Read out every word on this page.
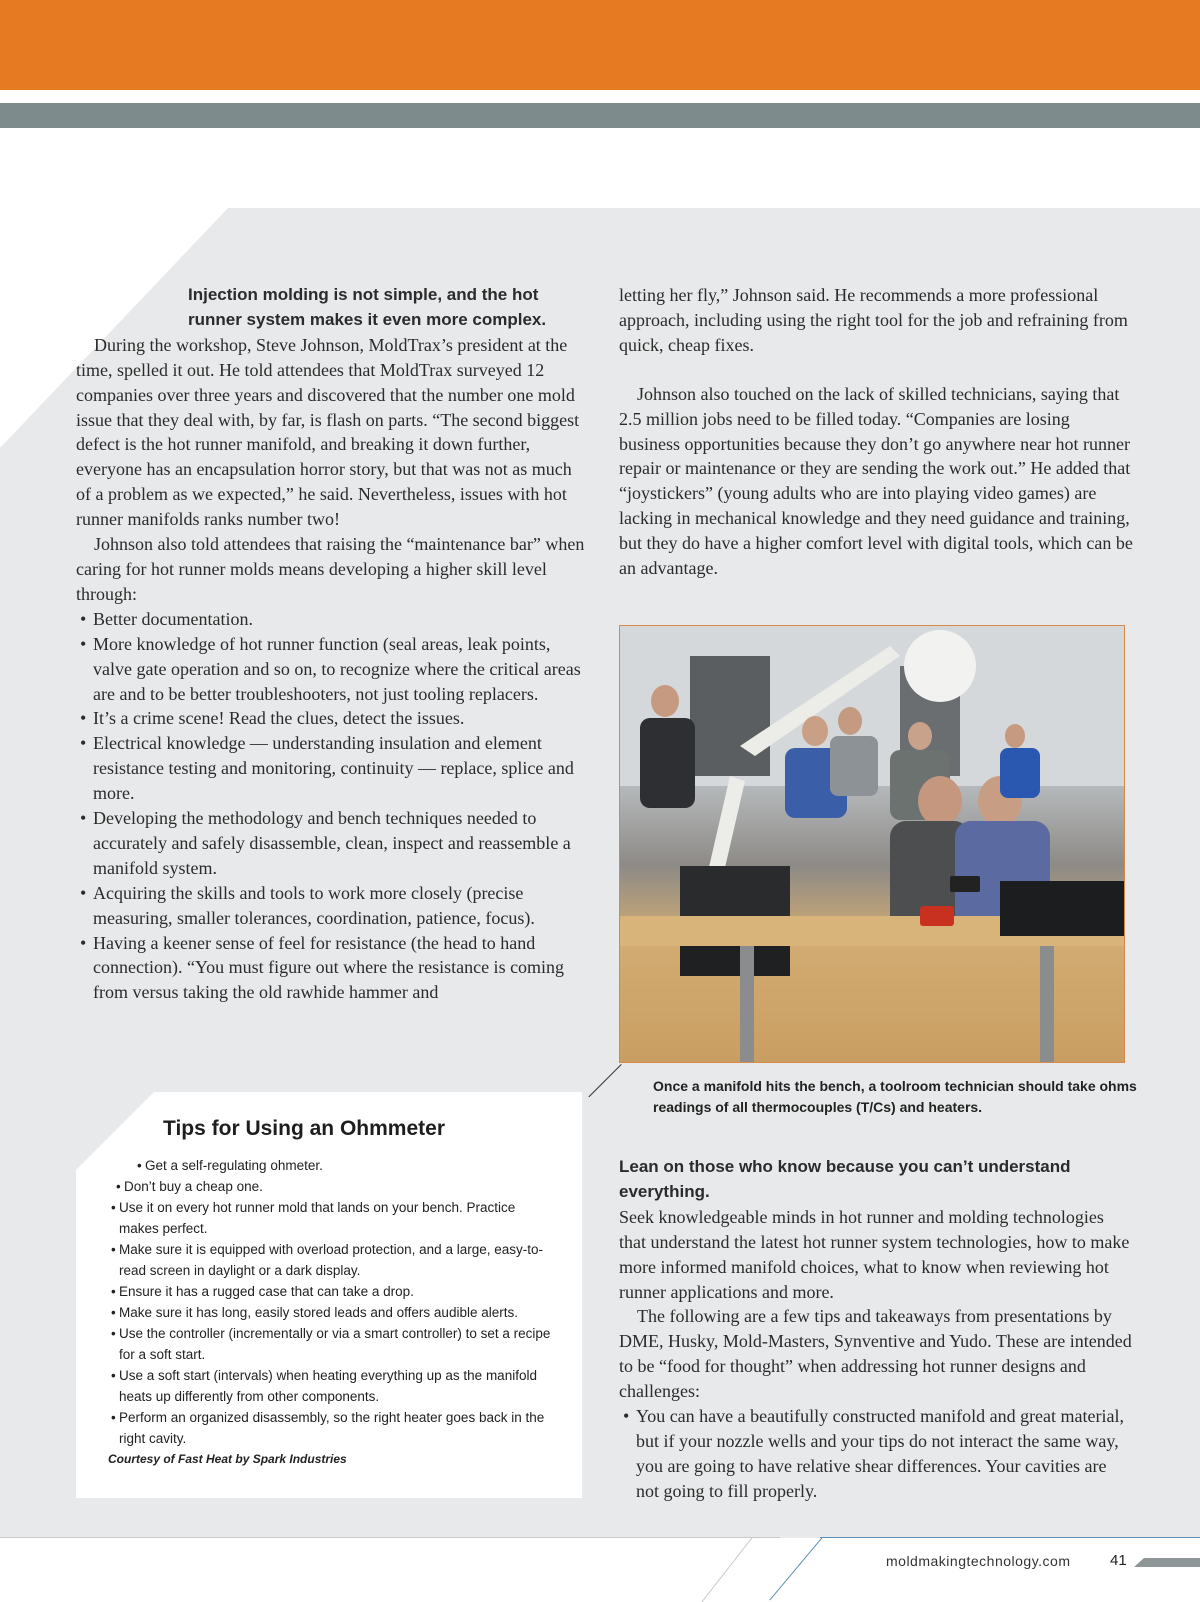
Injection molding is not simple, and the hot runner system makes it even more complex.

During the workshop, Steve Johnson, MoldTrax’s president at the time, spelled it out. He told attendees that MoldTrax surveyed 12 companies over three years and discovered that the number one mold issue that they deal with, by far, is flash on parts. “The second biggest defect is the hot runner manifold, and breaking it down further, everyone has an encapsulation horror story, but that was not as much of a problem as we expected,” he said. Nevertheless, issues with hot runner manifolds ranks number two!

Johnson also told attendees that raising the “maintenance bar” when caring for hot runner molds means developing a higher skill level through:

• Better documentation.
• More knowledge of hot runner function (seal areas, leak points, valve gate operation and so on, to recognize where the critical areas are and to be better troubleshooters, not just tooling replacers.
• It’s a crime scene! Read the clues, detect the issues.
• Electrical knowledge — understanding insulation and element resistance testing and monitoring, continuity — replace, splice and more.
• Developing the methodology and bench techniques needed to accurately and safely disassemble, clean, inspect and reassemble a manifold system.
• Acquiring the skills and tools to work more closely (precise measuring, smaller tolerances, coordination, patience, focus).
• Having a keener sense of feel for resistance (the head to hand connection). “You must figure out where the resistance is coming from versus taking the old rawhide hammer and

letting her fly,” Johnson said. He recommends a more professional approach, including using the right tool for the job and refraining from quick, cheap fixes.

Johnson also touched on the lack of skilled technicians, saying that 2.5 million jobs need to be filled today. “Companies are losing business opportunities because they don’t go anywhere near hot runner repair or maintenance or they are sending the work out.” He added that “joystickers” (young adults who are into playing video games) are lacking in mechanical knowledge and they need guidance and training, but they do have a higher comfort level with digital tools, which can be an advantage.

Once a manifold hits the bench, a toolroom technician should take ohms readings of all thermocouples (T/Cs) and heaters.

Lean on those who know because you can’t understand everything.

Seek knowledgeable minds in hot runner and molding technologies that understand the latest hot runner system technologies, how to make more informed manifold choices, what to know when reviewing hot runner applications and more.

The following are a few tips and takeaways from presentations by DME, Husky, Mold-Masters, Synventive and Yudo. These are intended to be “food for thought” when addressing hot runner designs and challenges:

• You can have a beautifully constructed manifold and great material, but if your nozzle wells and your tips do not interact the same way, you are going to have relative shear differences. Your cavities are not going to fill properly.
Tips for Using an Ohmmeter
• Get a self-regulating ohmeter.
• Don’t buy a cheap one.
• Use it on every hot runner mold that lands on your bench. Practice makes perfect.
• Make sure it is equipped with overload protection, and a large, easy-to-read screen in daylight or a dark display.
• Ensure it has a rugged case that can take a drop.
• Make sure it has long, easily stored leads and offers audible alerts.
• Use the controller (incrementally or via a smart controller) to set a recipe for a soft start.
• Use a soft start (intervals) when heating everything up as the manifold heats up differently from other components.
• Perform an organized disassembly, so the right heater goes back in the right cavity.
Courtesy of Fast Heat by Spark Industries
moldmakingtechnology.com	41
